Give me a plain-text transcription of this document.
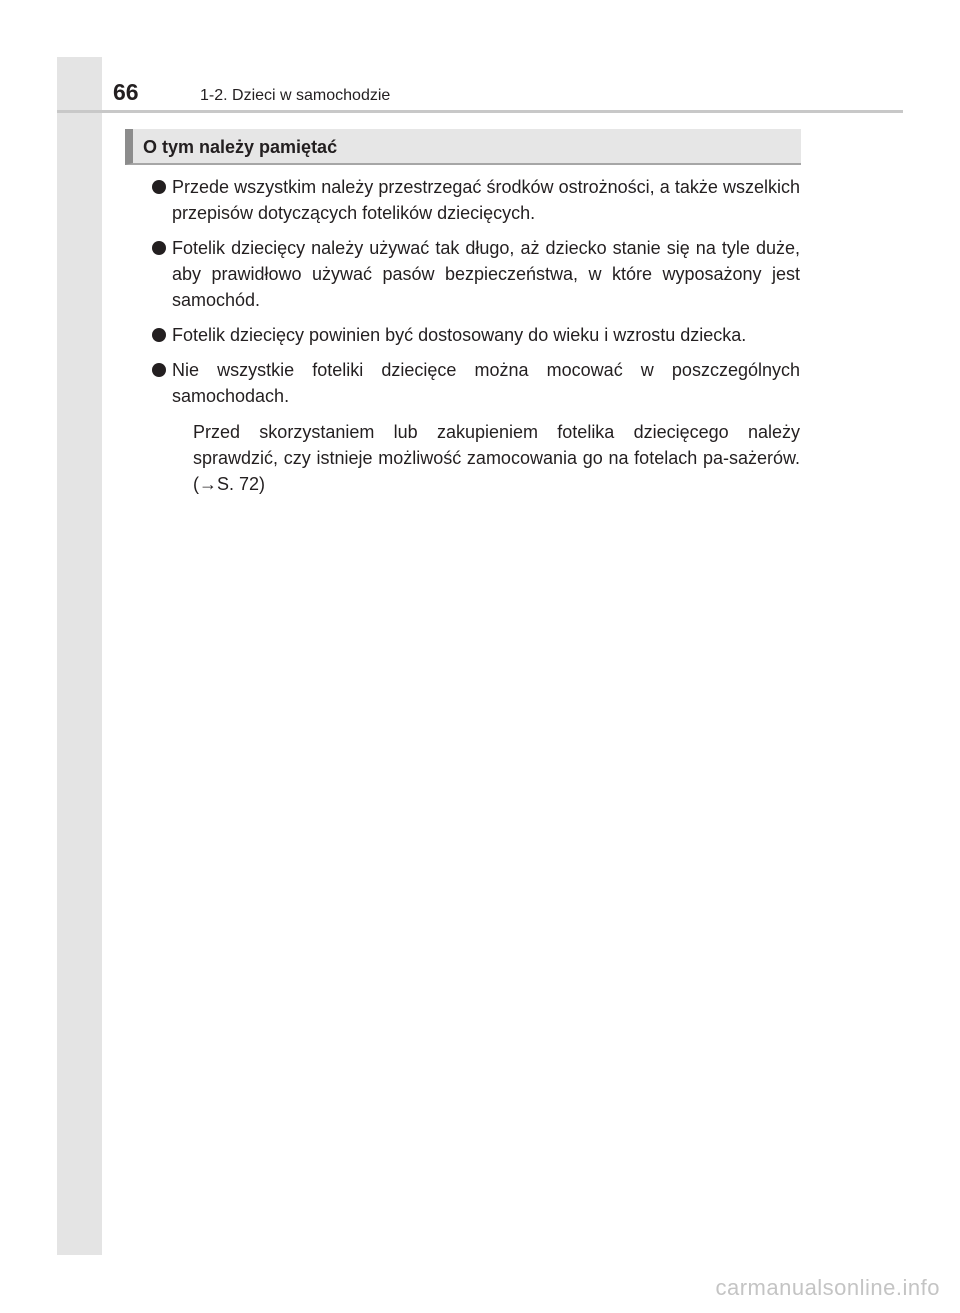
66	1-2. Dzieci w samochodzie
O tym należy pamiętać

Przede wszystkim należy przestrzegać środków ostrożności, a także wszelkich przepisów dotyczących fotelików dziecięcych.

Fotelik dziecięcy należy używać tak długo, aż dziecko stanie się na tyle duże, aby prawidłowo używać pasów bezpieczeństwa, w które wyposażony jest samochód.

Fotelik dziecięcy powinien być dostosowany do wieku i wzrostu dziecka.

Nie wszystkie foteliki dziecięce można mocować w poszczególnych samochodach.

Przed skorzystaniem lub zakupieniem fotelika dziecięcego należy sprawdzić, czy istnieje możliwość zamocowania go na fotelach pa-sażerów. (→S. 72)

carmanualsonline.info
